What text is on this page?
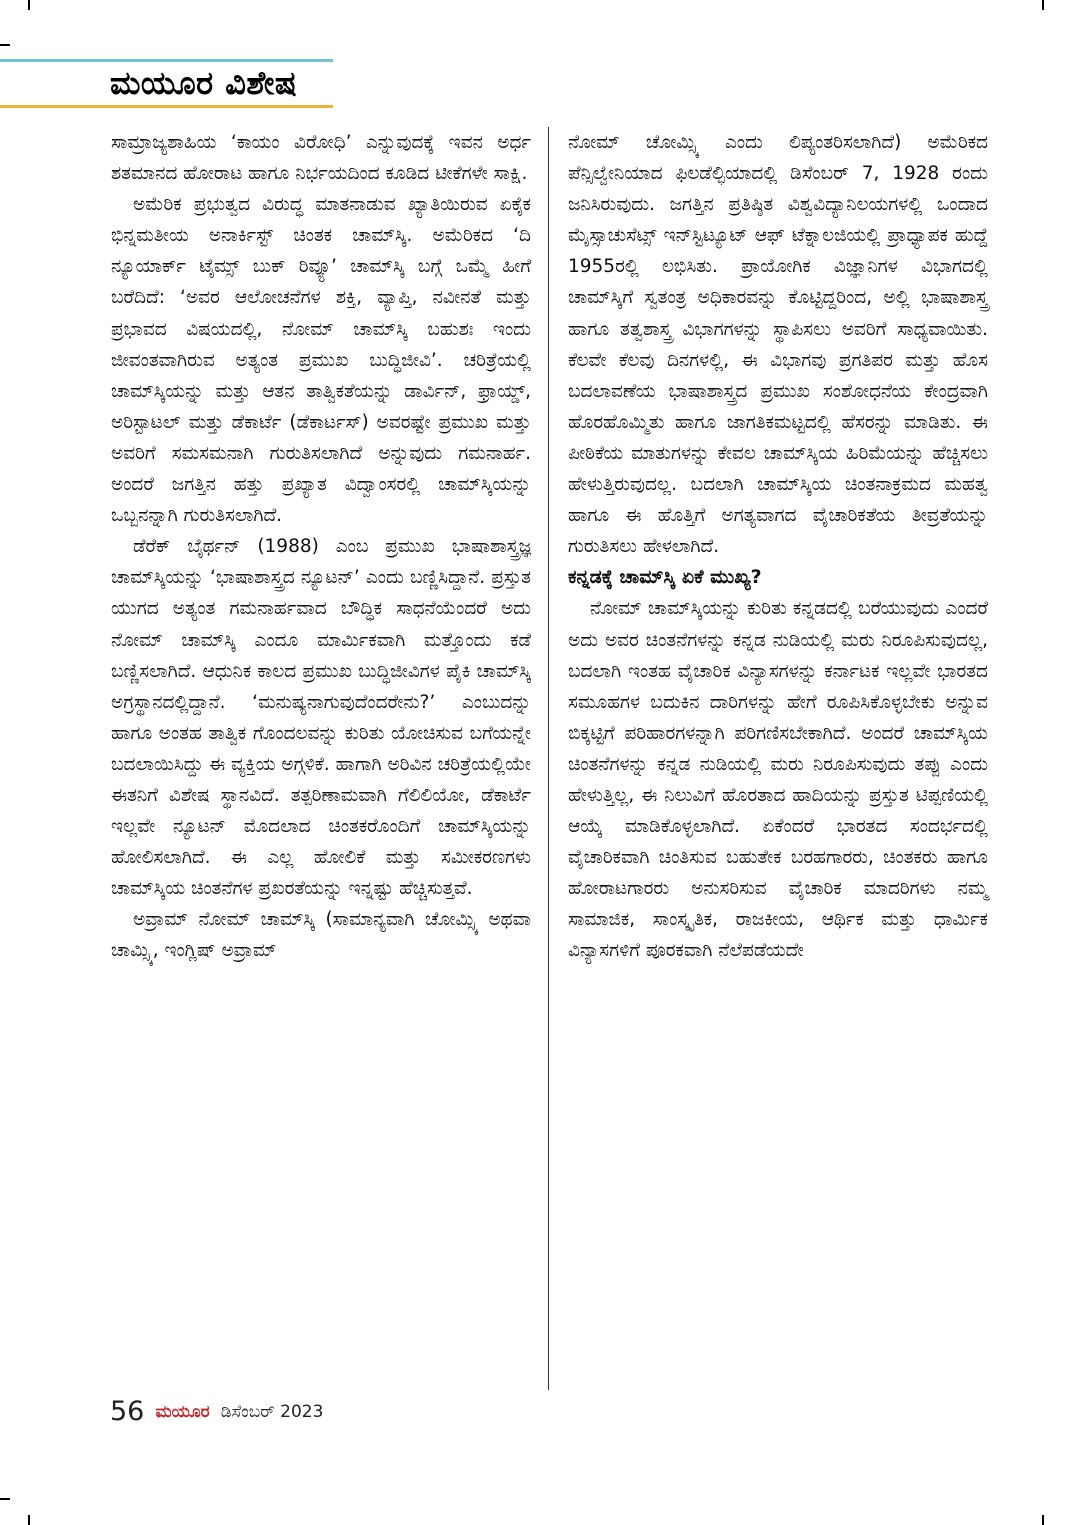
ಮಯೂರ ವಿಶೇಷ

ಸಾಮ್ರಾಜ್ಯಶಾಹಿಯ ‘ಕಾಯಂ ವಿರೋಧಿ’ ಎನ್ನುವುದಕ್ಕೆ ಇವನ ಅರ್ಧ ಶತಮಾನದ ಹೋರಾಟ ಹಾಗೂ ನಿರ್ಭಯದಿಂದ ಕೂಡಿದ ಟೀಕೆಗಳೇ ಸಾಕ್ಷಿ.

ಅಮೆರಿಕ ಪ್ರಭುತ್ವದ ವಿರುದ್ಧ ಮಾತನಾಡುವ ಖ್ಯಾತಿಯಿರುವ ಏಕೈಕ ಭಿನ್ನಮತೀಯ ಅನಾರ್ಕಿಸ್ಟ್ ಚಿಂತಕ ಚಾಮ್‌ಸ್ಕಿ. ಅಮೆರಿಕದ ‘ದಿ ನ್ಯೂಯಾರ್ಕ್ ಟೈಮ್ಸ್ ಬುಕ್ ರಿವ್ಯೂ’ ಚಾಮ್‌ಸ್ಕಿ ಬಗ್ಗೆ ಒಮ್ಮೆ ಹೀಗೆ ಬರೆದಿದೆ: ‘ಅವರ ಆಲೋಚನೆಗಳ ಶಕ್ತಿ, ವ್ಯಾಪ್ತಿ, ನವೀನತೆ ಮತ್ತು ಪ್ರಭಾವದ ವಿಷಯದಲ್ಲಿ, ನೋಮ್ ಚಾಮ್‌ಸ್ಕಿ ಬಹುಶಃ ಇಂದು ಜೀವಂತವಾಗಿರುವ ಅತ್ಯಂತ ಪ್ರಮುಖ ಬುದ್ಧಿಜೀವಿ’. ಚರಿತ್ರೆಯಲ್ಲಿ ಚಾಮ್‌ಸ್ಕಿಯನ್ನು ಮತ್ತು ಆತನ ತಾತ್ವಿಕತೆಯನ್ನು ಡಾರ್ವಿನ್, ಫ್ರಾಯ್ಡ್, ಅರಿಸ್ಟಾಟಲ್ ಮತ್ತು ಡೆಕಾರ್ಟೆ (ಡೆಕಾರ್ಟಸ್) ಅವರಷ್ಟೇ ಪ್ರಮುಖ ಮತ್ತು ಅವರಿಗೆ ಸಮಸಮನಾಗಿ ಗುರುತಿಸಲಾಗಿದೆ ಅನ್ನುವುದು ಗಮನಾರ್ಹ. ಅಂದರೆ ಜಗತ್ತಿನ ಹತ್ತು ಪ್ರಖ್ಯಾತ ವಿದ್ವಾಂಸರಲ್ಲಿ ಚಾಮ್‌ಸ್ಕಿಯನ್ನು ಒಬ್ಬನನ್ನಾಗಿ ಗುರುತಿಸಲಾಗಿದೆ.

ಡೆರೆಕ್ ಬೈರ್ಥನ್ (1988) ಎಂಬ ಪ್ರಮುಖ ಭಾಷಾಶಾಸ್ತ್ರಜ್ಞ ಚಾಮ್‌ಸ್ಕಿಯನ್ನು ‘ಭಾಷಾಶಾಸ್ತ್ರದ ನ್ಯೂಟನ್’ ಎಂದು ಬಣ್ಣಿಸಿದ್ದಾನೆ. ಪ್ರಸ್ತುತ ಯುಗದ ಅತ್ಯಂತ ಗಮನಾರ್ಹವಾದ ಬೌದ್ಧಿಕ ಸಾಧನೆಯೆಂದರೆ ಅದು ನೋಮ್ ಚಾಮ್‌ಸ್ಕಿ ಎಂದೂ ಮಾರ್ಮಿಕವಾಗಿ ಮತ್ತೊಂದು ಕಡೆ ಬಣ್ಣಿಸಲಾಗಿದೆ. ಆಧುನಿಕ ಕಾಲದ ಪ್ರಮುಖ ಬುದ್ಧಿಜೀವಿಗಳ ಪೈಕಿ ಚಾಮ್‌ಸ್ಕಿ ಅಗ್ರಸ್ಥಾನದಲ್ಲಿದ್ದಾನೆ. ‘ಮನುಷ್ಯನಾಗುವುದೆಂದರೇನು?’ ಎಂಬುದನ್ನು ಹಾಗೂ ಅಂತಹ ತಾತ್ವಿಕ ಗೊಂದಲವನ್ನು ಕುರಿತು ಯೋಚಿಸುವ ಬಗೆಯನ್ನೇ ಬದಲಾಯಿಸಿದ್ದು ಈ ವ್ಯಕ್ತಿಯ ಅಗ್ಗಳಿಕೆ. ಹಾಗಾಗಿ ಅರಿವಿನ ಚರಿತ್ರೆಯಲ್ಲಿಯೇ ಈತನಿಗೆ ವಿಶೇಷ ಸ್ಥಾನವಿದೆ. ತತ್ಪರಿಣಾಮವಾಗಿ ಗೆಲಿಲಿಯೋ, ಡೆಕಾರ್ಟೆ ಇಲ್ಲವೇ ನ್ಯೂಟನ್ ಮೊದಲಾದ ಚಿಂತಕರೊಂದಿಗೆ ಚಾಮ್‌ಸ್ಕಿಯನ್ನು ಹೋಲಿಸಲಾಗಿದೆ. ಈ ಎಲ್ಲ ಹೋಲಿಕೆ ಮತ್ತು ಸಮೀಕರಣಗಳು ಚಾಮ್‌ಸ್ಕಿಯ ಚಿಂತನೆಗಳ ಪ್ರಖರತೆಯನ್ನು ಇನ್ನಷ್ಟು ಹೆಚ್ಚಿಸುತ್ತವೆ.

ಅವ್ರಾಮ್ ನೋಮ್ ಚಾಮ್‌ಸ್ಕಿ (ಸಾಮಾನ್ಯವಾಗಿ ಚೋಮ್ಸ್ಕಿ ಅಥವಾ ಚಾಮ್ಸ್ಕಿ, ಇಂಗ್ಲಿಷ್ ಅವ್ರಾಮ್

ನೋಮ್ ಚೋಮ್ಸ್ಕಿ ಎಂದು ಲಿಪ್ಯಂತರಿಸಲಾಗಿದೆ) ಅಮೆರಿಕದ ಪೆನ್ಸಿಲ್ವೇನಿಯಾದ ಫಿಲಡೆಲ್ಫಿಯಾದಲ್ಲಿ ಡಿಸೆಂಬರ್ 7, 1928 ರಂದು ಜನಿಸಿರುವುದು. ಜಗತ್ತಿನ ಪ್ರತಿಷ್ಠಿತ ವಿಶ್ವವಿದ್ಯಾನಿಲಯಗಳಲ್ಲಿ ಒಂದಾದ ಮೈಸ್ಸಾಚುಸೆಟ್ಸ್ ಇನ್‌ಸ್ಟಿಟ್ಯೂಟ್ ಆಫ್ ಟೆಕ್ನಾಲಜಿಯಲ್ಲಿ ಪ್ರಾಧ್ಯಾಪಕ ಹುದ್ದೆ 1955ರಲ್ಲಿ ಲಭಿಸಿತು. ಪ್ರಾಯೋಗಿಕ ವಿಜ್ಞಾನಿಗಳ ವಿಭಾಗದಲ್ಲಿ ಚಾಮ್‌ಸ್ಕಿಗೆ ಸ್ವತಂತ್ರ ಅಧಿಕಾರವನ್ನು ಕೊಟ್ಟಿದ್ದರಿಂದ, ಅಲ್ಲಿ ಭಾಷಾಶಾಸ್ತ್ರ ಹಾಗೂ ತತ್ವಶಾಸ್ತ್ರ ವಿಭಾಗಗಳನ್ನು ಸ್ಥಾಪಿಸಲು ಅವರಿಗೆ ಸಾಧ್ಯವಾಯಿತು. ಕೆಲವೇ ಕೆಲವು ದಿನಗಳಲ್ಲಿ, ಈ ವಿಭಾಗವು ಪ್ರಗತಿಪರ ಮತ್ತು ಹೊಸ ಬದಲಾವಣೆಯ ಭಾಷಾಶಾಸ್ತ್ರದ ಪ್ರಮುಖ ಸಂಶೋಧನೆಯ ಕೇಂದ್ರವಾಗಿ ಹೊರಹೊಮ್ಮಿತು ಹಾಗೂ ಜಾಗತಿಕಮಟ್ಟದಲ್ಲಿ ಹೆಸರನ್ನು ಮಾಡಿತು. ಈ ಪೀಠಿಕೆಯ ಮಾತುಗಳನ್ನು ಕೇವಲ ಚಾಮ್‌ಸ್ಕಿಯ ಹಿರಿಮೆಯನ್ನು ಹೆಚ್ಚಿಸಲು ಹೇಳುತ್ತಿರುವುದಲ್ಲ. ಬದಲಾಗಿ ಚಾಮ್‌ಸ್ಕಿಯ ಚಿಂತನಾಕ್ರಮದ ಮಹತ್ವ ಹಾಗೂ ಈ ಹೊತ್ತಿಗೆ ಅಗತ್ಯವಾಗದ ವೈಚಾರಿಕತೆಯ ತೀವ್ರತೆಯನ್ನು ಗುರುತಿಸಲು ಹೇಳಲಾಗಿದೆ.

ಕನ್ನಡಕ್ಕೆ ಚಾಮ್‌ಸ್ಕಿ ಏಕೆ ಮುಖ್ಯ?

ನೋಮ್ ಚಾಮ್‌ಸ್ಕಿಯನ್ನು ಕುರಿತು ಕನ್ನಡದಲ್ಲಿ ಬರೆಯುವುದು ಎಂದರೆ ಅದು ಅವರ ಚಿಂತನೆಗಳನ್ನು ಕನ್ನಡ ನುಡಿಯಲ್ಲಿ ಮರು ನಿರೂಪಿಸುವುದಲ್ಲ, ಬದಲಾಗಿ ಇಂತಹ ವೈಚಾರಿಕ ವಿನ್ಯಾಸಗಳನ್ನು ಕರ್ನಾಟಕ ಇಲ್ಲವೇ ಭಾರತದ ಸಮೂಹಗಳ ಬದುಕಿನ ದಾರಿಗಳನ್ನು ಹೇಗೆ ರೂಪಿಸಿಕೊಳ್ಳಬೇಕು ಅನ್ನುವ ಬಿಕ್ಕಟ್ಟಿಗೆ ಪರಿಹಾರಗಳನ್ನಾಗಿ ಪರಿಗಣಿಸಬೇಕಾಗಿದೆ. ಅಂದರೆ ಚಾಮ್‌ಸ್ಕಿಯ ಚಿಂತನೆಗಳನ್ನು ಕನ್ನಡ ನುಡಿಯಲ್ಲಿ ಮರು ನಿರೂಪಿಸುವುದು ತಪ್ಪು ಎಂದು ಹೇಳುತ್ತಿಲ್ಲ, ಈ ನಿಲುವಿಗೆ ಹೊರತಾದ ಹಾದಿಯನ್ನು ಪ್ರಸ್ತುತ ಟಿಪ್ಪಣಿಯಲ್ಲಿ ಆಯ್ಕೆ ಮಾಡಿಕೊಳ್ಳಲಾಗಿದೆ. ಏಕೆಂದರೆ ಭಾರತದ ಸಂದರ್ಭದಲ್ಲಿ ವೈಚಾರಿಕವಾಗಿ ಚಿಂತಿಸುವ ಬಹುತೇಕ ಬರಹಗಾರರು, ಚಿಂತಕರು ಹಾಗೂ ಹೋರಾಟಗಾರರು ಅನುಸರಿಸುವ ವೈಚಾರಿಕ ಮಾದರಿಗಳು ನಮ್ಮ ಸಾಮಾಜಿಕ, ಸಾಂಸ್ಕೃತಿಕ, ರಾಜಕೀಯ, ಆರ್ಥಿಕ ಮತ್ತು ಧಾರ್ಮಿಕ ವಿನ್ಯಾಸಗಳಿಗೆ ಪೂರಕವಾಗಿ ನೆಲೆಪಡೆಯದೇ

56 ಮಯೂರ ಡಿಸೆಂಬರ್ 2023
